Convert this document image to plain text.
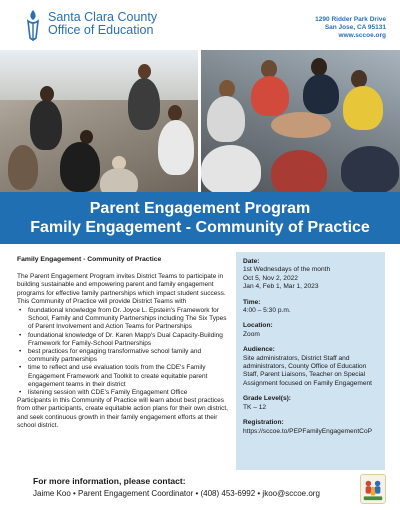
Santa Clara County
Office of Education
1290 Ridder Park Drive
San Jose, CA 95131
www.sccoe.org
Parent Engagement Program
Family Engagement - Community of Practice
Family Engagement - Community of Practice

The Parent Engagement Program invites District Teams to participate in building sustainable and empowering parent and family engagement programs for effective family partnerships which impact student success. This Community of Practice will provide District Teams with

• foundational knowledge from Dr. Joyce L. Epstein's Framework for School, Family and Community Partnerships including The Six Types of Parent Involvement and Action Teams for Partnerships
• foundational knowledge of Dr. Karen Mapp's Dual Capacity-Building Framework for Family-School Partnerships
• best practices for engaging transformative school family and community partnerships
• time to reflect and use evaluation tools from the CDE's Family Engagement Framework and Toolkit to create equitable parent engagement teams in their district
• listening session with CDE's Family Engagement Office

Participants in this Community of Practice will learn about best practices from other participants, create equitable action plans for their own district, and seek continuous growth in their family engagement efforts at their school district.

Date:
1st Wednesdays of the month
Oct 5, Nov 2, 2022
Jan 4, Feb 1, Mar 1, 2023
Time:
4:00 – 5:30 p.m.
Location:
Zoom
Audience:
Site administrators, District Staff and administrators, County Office of Education Staff, Parent Liaisons, Teacher on Special Assignment focused on Family Engagement
Grade Level(s):
TK – 12
Registration:
https://sccoe.to/PEPFamilyEngagementCoP
For more information, please contact:
Jaime Koo • Parent Engagement Coordinator • (408) 453-6992 • jkoo@sccoe.org
